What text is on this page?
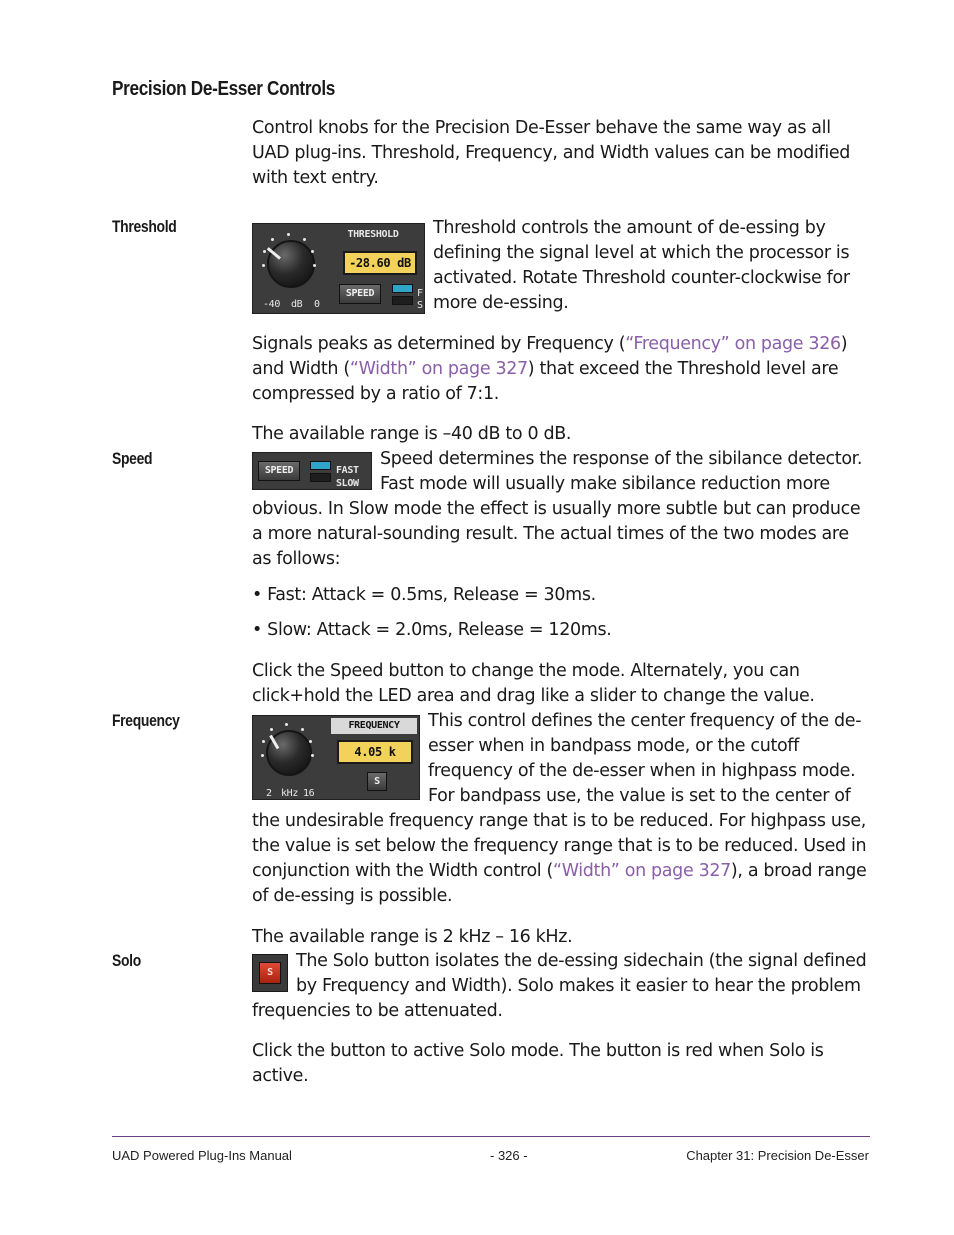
Precision De-Esser Controls

Control knobs for the Precision De-Esser behave the same way as all UAD plug-ins. Threshold, Frequency, and Width values can be modified with text entry.

Threshold
-40 dB 0
THRESHOLD
-28.60 dB
SPEED	F
S

Threshold controls the amount of de-essing by defining the signal level at which the processor is activated. Rotate Threshold counter-clockwise for more de-essing.

Signals peaks as determined by Frequency (“Frequency” on page 326) and Width (“Width” on page 327) that exceed the Threshold level are compressed by a ratio of 7:1.

The available range is –40 dB to 0 dB.

Speed
SPEED	FAST
SLOW

Speed determines the response of the sibilance detector. Fast mode will usually make sibilance reduction more obvious. In Slow mode the effect is usually more subtle but can produce a more natural-sounding result. The actual times of the two modes are as follows:

• Fast: Attack = 0.5ms, Release = 30ms.

• Slow: Attack = 2.0ms, Release = 120ms.

Click the Speed button to change the mode. Alternately, you can click+hold the LED area and drag like a slider to change the value.

Frequency
2 kHz 16
FREQUENCY
4.05 k
S

This control defines the center frequency of the de-esser when in bandpass mode, or the cutoff frequency of the de-esser when in highpass mode. For bandpass use, the value is set to the center of the undesirable frequency range that is to be reduced. For highpass use, the value is set below the frequency range that is to be reduced. Used in conjunction with the Width control (“Width” on page 327), a broad range of de-essing is possible.

The available range is 2 kHz – 16 kHz.

Solo
S

The Solo button isolates the de-essing sidechain (the signal defined by Frequency and Width). Solo makes it easier to hear the problem frequencies to be attenuated.

Click the button to active Solo mode. The button is red when Solo is active.

UAD Powered Plug-Ins Manual	- 326 -	Chapter 31: Precision De-Esser
